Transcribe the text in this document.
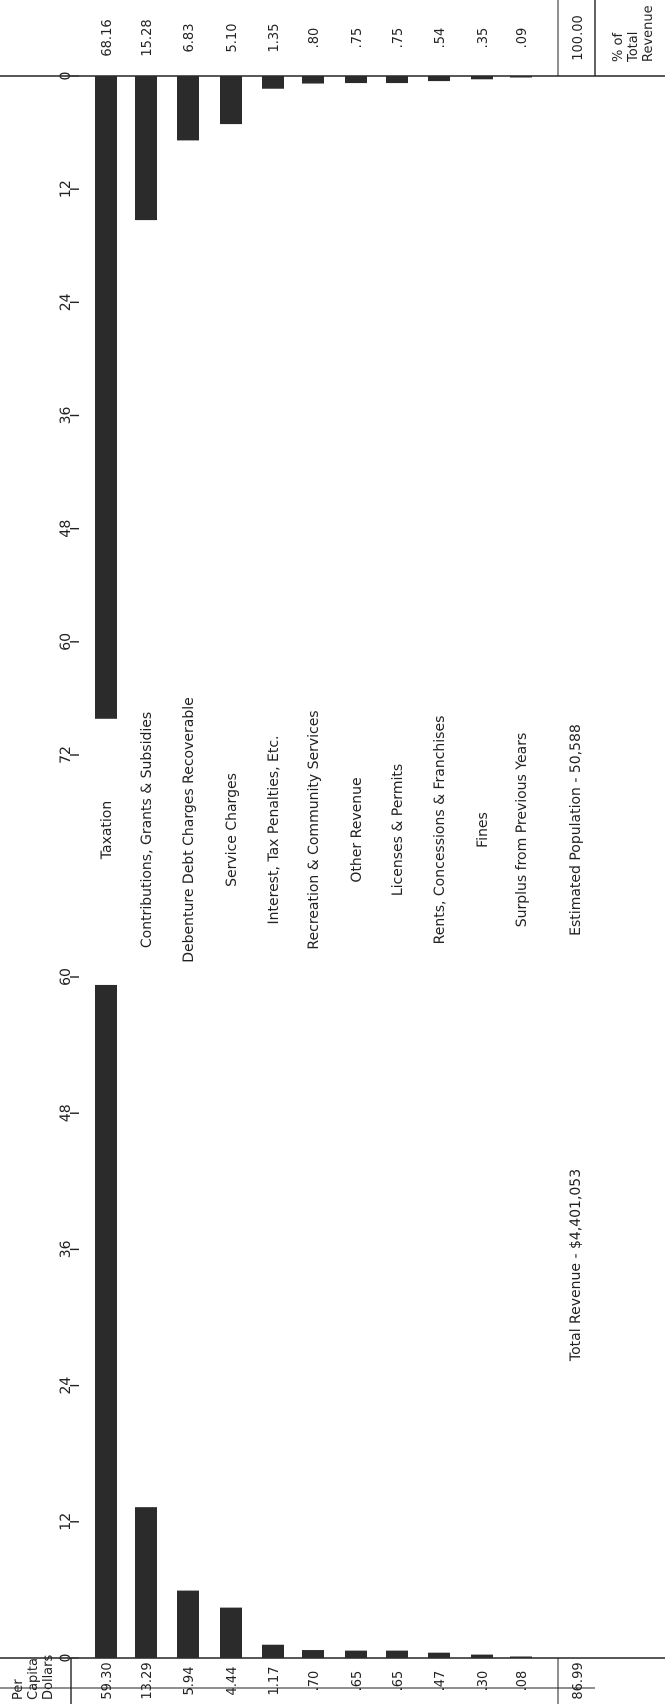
Per Capita Dollars
% of Total Revenue
0
12
24
36
48
60
0
12
24
36
48
60
72
59.30 13.29 5.94 4.44 1.17 .70 .65 .65 .47 .30 .08
68.16 15.28 6.83 5.10 1.35 .80 .75 .75 .54 .35 .09
Taxation Contributions, Grants & Subsidies Debenture Debt Charges Recoverable Service Charges Interest, Tax Penalties, Etc. Recreation & Community Services Other Revenue Licenses & Permits Rents, Concessions & Franchises Fines Surplus from Previous Years
86.99
100.00
Total Revenue - $4,401,053
Estimated Population - 50,588
